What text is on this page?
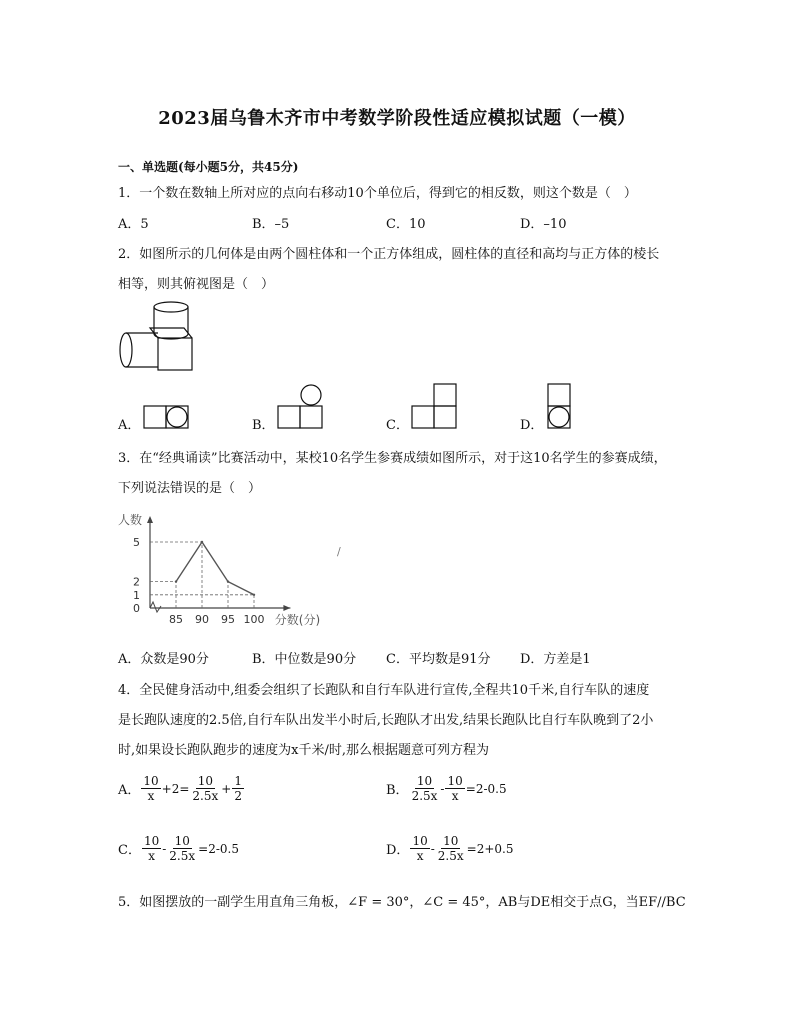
2023届乌鲁木齐市中考数学阶段性适应模拟试题（一模）
一、单选题(每小题5分，共45分)
1．一个数在数轴上所对应的点向右移动10个单位后，得到它的相反数，则这个数是（　）
A．5	B．–5	C．10	D．–10
2．如图所示的几何体是由两个圆柱体和一个正方体组成，圆柱体的直径和高均与正方体的棱长
相等，则其俯视图是（　）
A．	B．	C．	D．
3．在“经典诵读”比赛活动中，某校10名学生参赛成绩如图所示，对于这10名学生的参赛成绩，
下列说法错误的是（　）
人数
分数(分)
0
1
2
5
85 90 95 100
/
A．众数是90分	B．中位数是90分 C．平均数是91分 D．方差是1
4．全民健身活动中,组委会组织了长跑队和自行车队进行宣传,全程共10千米,自行车队的速度
是长跑队速度的2.5倍,自行车队出发半小时后,长跑队才出发,结果长跑队比自行车队晚到了2小
时,如果设长跑队跑步的速度为x千米/时,那么根据题意可列方程为
A． $\frac{10}{x} +2= \frac{10}{2.5x} + \frac{1}{2}$	B． $\frac{10}{2.5x} - \frac{10}{x} =2-0.5$
C． $\frac{10}{x} - \frac{10}{2.5x} =2-0.5$	D． $\frac{10}{x} - \frac{10}{2.5x} =2+0.5$
5．如图摆放的一副学生用直角三角板，∠F = 30°，∠C = 45°，AB与DE相交于点G，当EF//BC
